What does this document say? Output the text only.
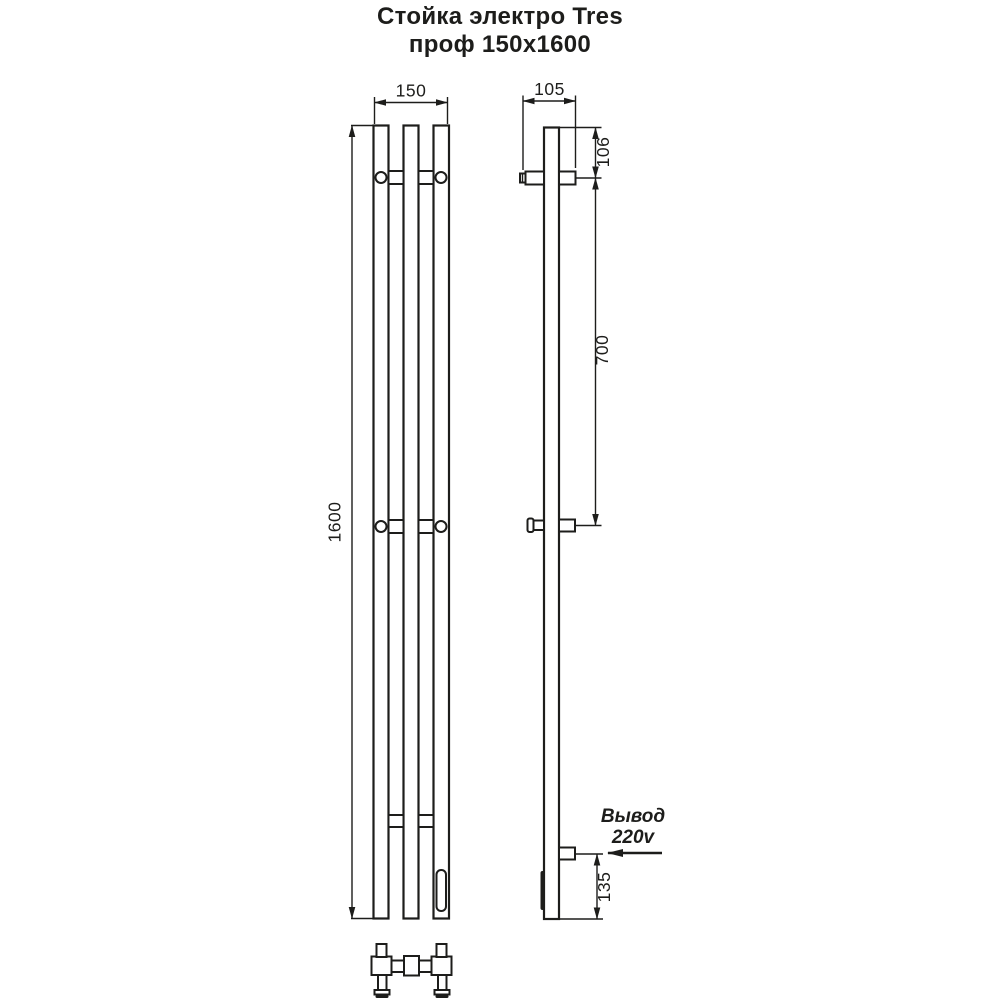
Стойка электро Tres
проф 150x1600
Вывод
220v
150
1600
105
106
700
135
